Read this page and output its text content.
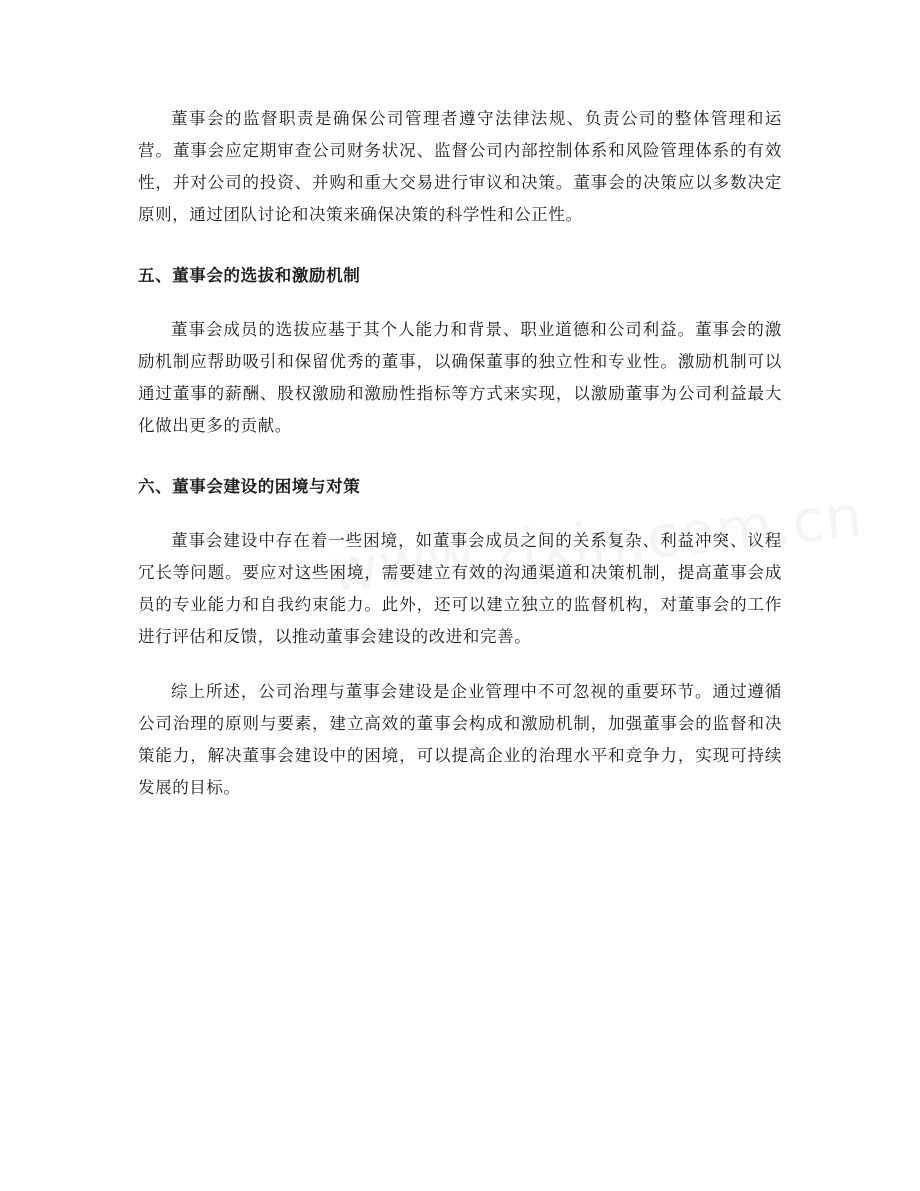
董事会的监督职责是确保公司管理者遵守法律法规、负责公司的整体管理和运营。董事会应定期审查公司财务状况、监督公司内部控制体系和风险管理体系的有效性，并对公司的投资、并购和重大交易进行审议和决策。董事会的决策应以多数决定原则，通过团队讨论和决策来确保决策的科学性和公正性。

五、董事会的选拔和激励机制

董事会成员的选拔应基于其个人能力和背景、职业道德和公司利益。董事会的激励机制应帮助吸引和保留优秀的董事，以确保董事的独立性和专业性。激励机制可以通过董事的薪酬、股权激励和激励性指标等方式来实现，以激励董事为公司利益最大化做出更多的贡献。

六、董事会建设的困境与对策

董事会建设中存在着一些困境，如董事会成员之间的关系复杂、利益冲突、议程冗长等问题。要应对这些困境，需要建立有效的沟通渠道和决策机制，提高董事会成员的专业能力和自我约束能力。此外，还可以建立独立的监督机构，对董事会的工作进行评估和反馈，以推动董事会建设的改进和完善。

综上所述，公司治理与董事会建设是企业管理中不可忽视的重要环节。通过遵循公司治理的原则与要素，建立高效的董事会构成和激励机制，加强董事会的监督和决策能力，解决董事会建设中的困境，可以提高企业的治理水平和竞争力，实现可持续发展的目标。
